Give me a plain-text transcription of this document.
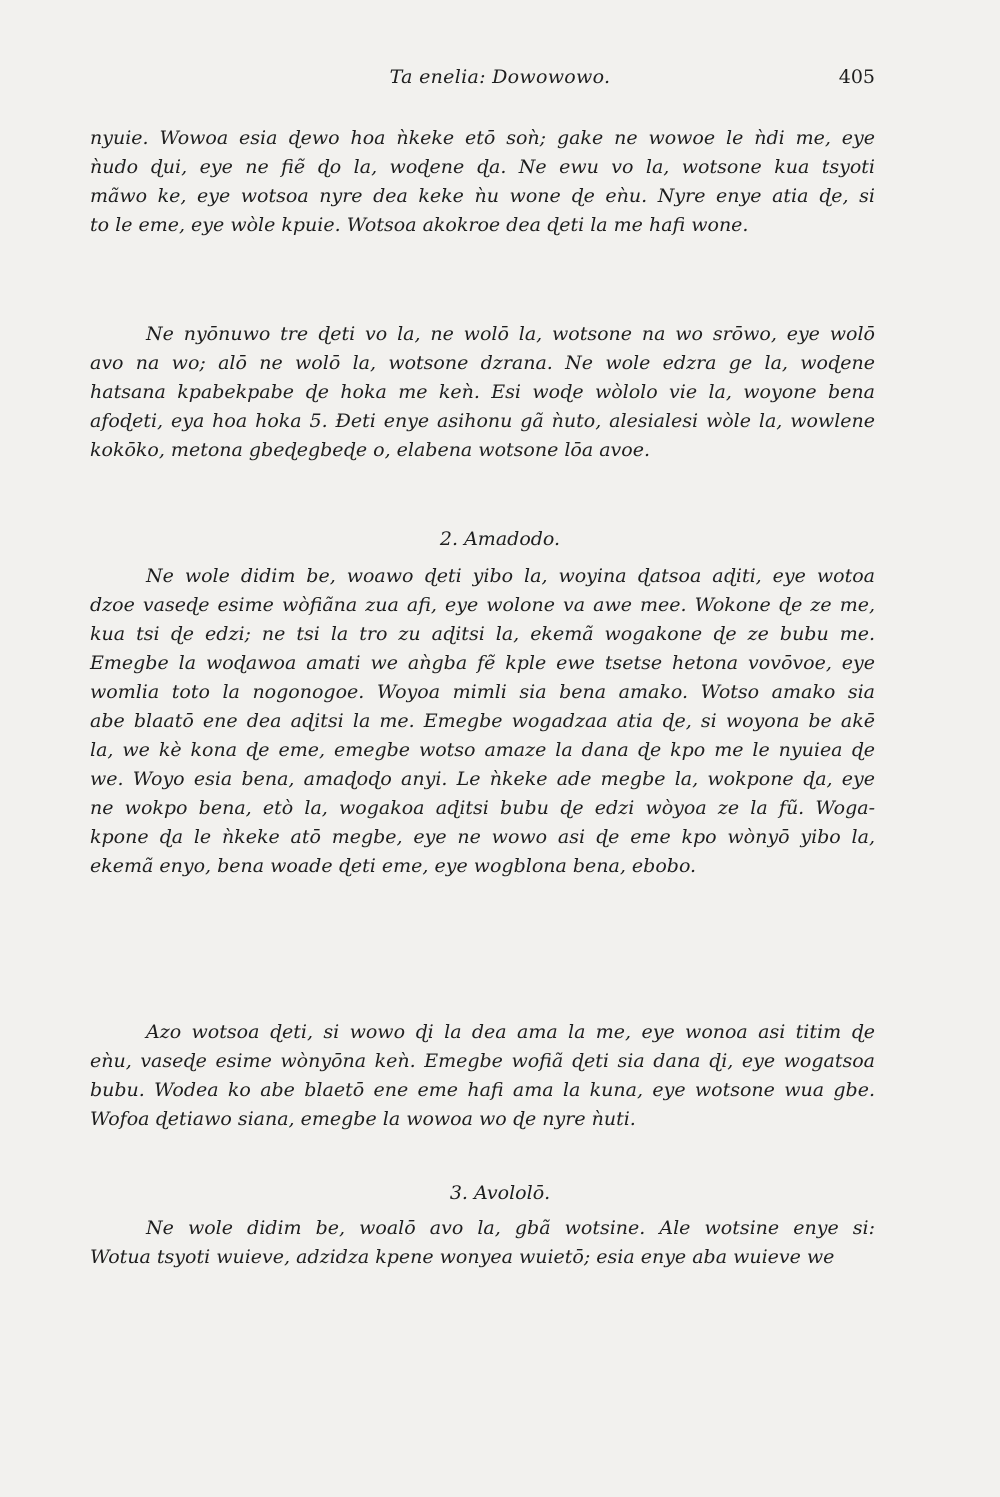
Ta enelia: Dowowowo.	405
nyuie. Wowoa esia ɖewo hoa ǹkeke etō soǹ; gake ne wowoe le ǹdi me, eye
ǹudo ɖui, eye ne fiẽ ɖo la, woɖene ɖa. Ne ewu vo la, wotsone kua tsyoti
mãwo ke, eye wotsoa nyre dea keke ǹu wone ɖe eǹu. Nyre enye atia ɖe, si
to le eme, eye wòle kpuie. Wotsoa akokroe dea ɖeti la me hafi wone.
Ne nyōnuwo tre ɖeti vo la, ne wolō la, wotsone na wo srōwo, eye wolō
avo na wo; alō ne wolō la, wotsone dzrana. Ne wole edzra ge la, woɖene
hatsana kpabekpabe ɖe hoka me keǹ. Esi woɖe wòlolo vie la, woyone bena
afoɖeti, eya hoa hoka 5. Ɖeti enye asihonu gã ǹuto, alesialesi wòle la, wowlene
kokōko, metona gbeɖegbeɖe o, elabena wotsone lōa avoe.
2. Amadodo.
Ne wole didim be, woawo ɖeti yibo la, woyina ɖatsoa aɖiti, eye wotoa
dzoe vaseɖe esime wòfiãna zua afi, eye wolone va awe mee. Wokone ɖe ze me,
kua tsi ɖe edzi; ne tsi la tro zu aɖitsi la, ekemã wogakone ɖe ze bubu me.
Emegbe la woɖawoa amati we aǹgba fẽ kple ewe tsetse hetona vovōvoe, eye
womlia toto la nogonogoe. Woyoa mimli sia bena amako. Wotso amako sia
abe blaatō ene dea aɖitsi la me. Emegbe wogadzaa atia ɖe, si woyona be akē
la, we kè kona ɖe eme, emegbe wotso amaze la dana ɖe kpo me le nyuiea ɖe
we. Woyo esia bena, amaɖoɖo anyi. Le ǹkeke ade megbe la, wokpone ɖa, eye
ne wokpo bena, etò la, wogakoa aɖitsi bubu ɖe edzi wòyoa ze la fũ. Woga-
kpone ɖa le ǹkeke atō megbe, eye ne wowo asi ɖe eme kpo wònyō yibo la,
ekemã enyo, bena woade ɖeti eme, eye wogblona bena, ebobo.
Azo wotsoa ɖeti, si wowo ɖi la dea ama la me, eye wonoa asi titim ɖe
eǹu, vaseɖe esime wònyōna keǹ. Emegbe wofiã ɖeti sia dana ɖi, eye wogatsoa
bubu. Wodea ko abe blaetō ene eme hafi ama la kuna, eye wotsone wua gbe.
Wofoa ɖetiawo siana, emegbe la wowoa wo ɖe nyre ǹuti.
3. Avololō.
Ne wole didim be, woalō avo la, gbã wotsine. Ale wotsine enye si:
Wotua tsyoti wuieve, adzidza kpene wonyea wuietō; esia enye aba wuieve we
